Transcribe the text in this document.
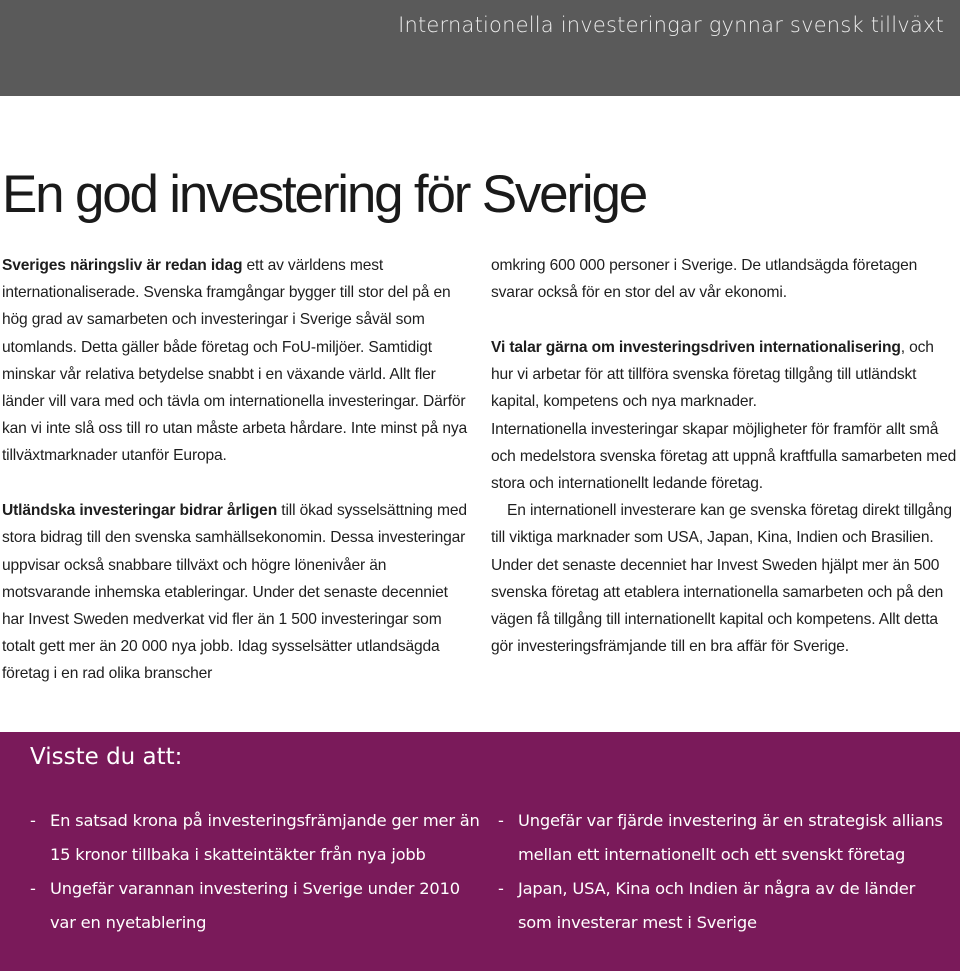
Internationella investeringar gynnar svensk tillväxt
En god investering för Sverige

Sveriges näringsliv är redan idag ett av världens mest internationaliserade. Svenska framgångar bygger till stor del på en hög grad av samarbeten och investeringar i Sverige såväl som utomlands. Detta gäller både företag och FoU-miljöer. Samtidigt minskar vår relativa betydelse snabbt i en växande värld. Allt fler länder vill vara med och tävla om internationella investeringar. Därför kan vi inte slå oss till ro utan måste arbeta hårdare. Inte minst på nya tillväxtmarknader utanför Europa.

Utländska investeringar bidrar årligen till ökad sysselsättning med stora bidrag till den svenska samhällsekonomin. Dessa investeringar uppvisar också snabbare tillväxt och högre lönenivåer än motsvarande inhemska etableringar. Under det senaste decenniet har Invest Sweden medverkat vid fler än 1 500 investeringar som totalt gett mer än 20 000 nya jobb. Idag sysselsätter utlandsägda företag i en rad olika branscher

omkring 600 000 personer i Sverige. De utlandsägda företagen svarar också för en stor del av vår ekonomi.

Vi talar gärna om investeringsdriven internationalisering, och hur vi arbetar för att tillföra svenska företag tillgång till utländskt kapital, kompetens och nya marknader.

Internationella investeringar skapar möjligheter för framför allt små och medelstora svenska företag att uppnå kraftfulla samarbeten med stora och internationellt ledande företag.

En internationell investerare kan ge svenska företag direkt tillgång till viktiga marknader som USA, Japan, Kina, Indien och Brasilien. Under det senaste decenniet har Invest Sweden hjälpt mer än 500 svenska företag att etablera internationella samarbeten och på den vägen få tillgång till internationellt kapital och kompetens. Allt detta gör investeringsfrämjande till en bra affär för Sverige.

Visste du att:
- En satsad krona på investeringsfrämjande ger mer än 15 kronor tillbaka i skatteintäkter från nya jobb
- Ungefär varannan investering i Sverige under 2010 var en nyetablering
- Ungefär var fjärde investering är en strategisk allians mellan ett internationellt och ett svenskt företag
- Japan, USA, Kina och Indien är några av de länder som investerar mest i Sverige
